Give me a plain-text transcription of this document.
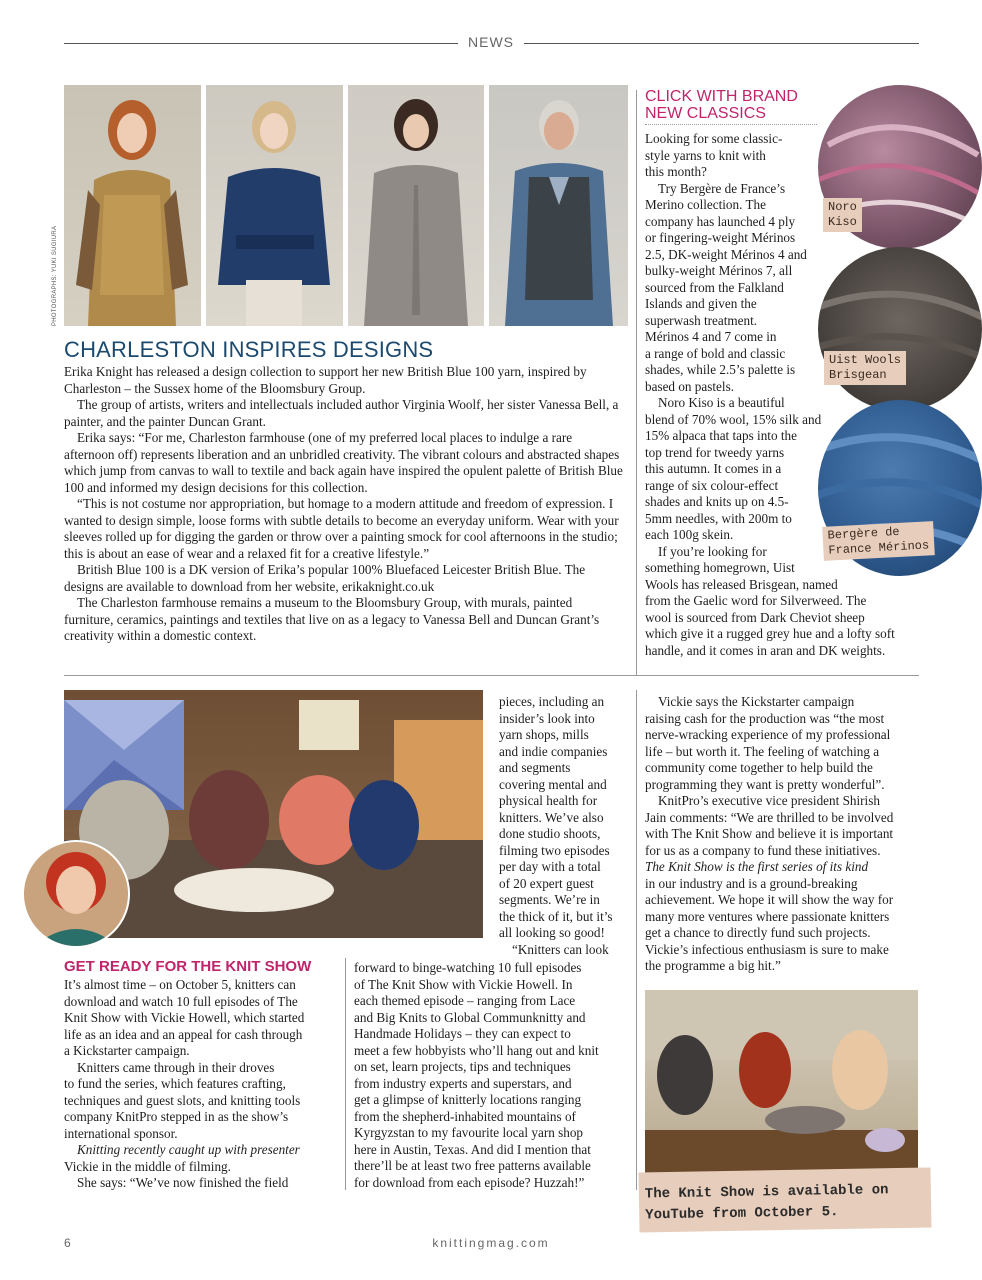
NEWS
PHOTOGRAPHS: YUKI SUGIURA
CHARLESTON INSPIRES DESIGNS

Erika Knight has released a design collection to support her new British Blue 100 yarn, inspired by Charleston – the Sussex home of the Bloomsbury Group.

The group of artists, writers and intellectuals included author Virginia Woolf, her sister Vanessa Bell, a painter, and the painter Duncan Grant.

Erika says: “For me, Charleston farmhouse (one of my preferred local places to indulge a rare afternoon off) represents liberation and an unbridled creativity. The vibrant colours and abstracted shapes which jump from canvas to wall to textile and back again have inspired the opulent palette of British Blue 100 and informed my design decisions for this collection.

“This is not costume nor appropriation, but homage to a modern attitude and freedom of expression. I wanted to design simple, loose forms with subtle details to become an everyday uniform. Wear with your sleeves rolled up for digging the garden or throw over a painting smock for cool afternoons in the studio; this is about an ease of wear and a relaxed fit for a creative lifestyle.”

British Blue 100 is a DK version of Erika’s popular 100% Bluefaced Leicester British Blue. The designs are available to download from her website, erikaknight.co.uk

The Charleston farmhouse remains a museum to the Bloomsbury Group, with murals, painted furniture, ceramics, paintings and textiles that live on as a legacy to Vanessa Bell and Duncan Grant’s creativity within a domestic context.

Noro
Kiso
Uist Wools
Brisgean
Bergère de
France Mérinos
CLICK WITH BRAND
NEW CLASSICS
Looking for some classic-
style yarns to knit with
this month?
Try Bergère de France’s
Merino collection. The
company has launched 4 ply
or fingering-weight Mérinos
2.5, DK-weight Mérinos 4 and
bulky-weight Mérinos 7, all
sourced from the Falkland
Islands and given the
superwash treatment.
Mérinos 4 and 7 come in
a range of bold and classic
shades, while 2.5’s palette is
based on pastels.
Noro Kiso is a beautiful
blend of 70% wool, 15% silk and
15% alpaca that taps into the
top trend for tweedy yarns
this autumn. It comes in a
range of six colour-effect
shades and knits up on 4.5-
5mm needles, with 200m to
each 100g skein.
If you’re looking for
something homegrown, Uist
Wools has released Brisgean, named
from the Gaelic word for Silverweed. The
wool is sourced from Dark Cheviot sheep
which give it a rugged grey hue and a lofty soft
handle, and it comes in aran and DK weights.
GET READY FOR THE KNIT SHOW
It’s almost time – on October 5, knitters can
download and watch 10 full episodes of The
Knit Show with Vickie Howell, which started
life as an idea and an appeal for cash through
a Kickstarter campaign.
Knitters came through in their droves
to fund the series, which features crafting,
techniques and guest slots, and knitting tools
company KnitPro stepped in as the show’s
international sponsor.
Knitting recently caught up with presenter
Vickie in the middle of filming.
She says: “We’ve now finished the field
pieces, including an
insider’s look into
yarn shops, mills
and indie companies
and segments
covering mental and
physical health for
knitters. We’ve also
done studio shoots,
filming two episodes
per day with a total
of 20 expert guest
segments. We’re in
the thick of it, but it’s
all looking so good!
“Knitters can look
forward to binge-watching 10 full episodes
of The Knit Show with Vickie Howell. In
each themed episode – ranging from Lace
and Big Knits to Global Communknitty and
Handmade Holidays – they can expect to
meet a few hobbyists who’ll hang out and knit
on set, learn projects, tips and techniques
from industry experts and superstars, and
get a glimpse of knitterly locations ranging
from the shepherd-inhabited mountains of
Kyrgyzstan to my favourite local yarn shop
here in Austin, Texas. And did I mention that
there’ll be at least two free patterns available
for download from each episode? Huzzah!”
Vickie says the Kickstarter campaign
raising cash for the production was “the most
nerve-wracking experience of my professional
life – but worth it. The feeling of watching a
community come together to help build the
programming they want is pretty wonderful”.
KnitPro’s executive vice president Shirish
Jain comments: “We are thrilled to be involved
with The Knit Show and believe it is important
for us as a company to fund these initiatives.
The Knit Show is the first series of its kind
in our industry and is a ground-breaking
achievement. We hope it will show the way for
many more ventures where passionate knitters
get a chance to directly fund such projects.
Vickie’s infectious enthusiasm is sure to make
the programme a big hit.”
The Knit Show is available on
YouTube from October 5.
6	knittingmag.com
